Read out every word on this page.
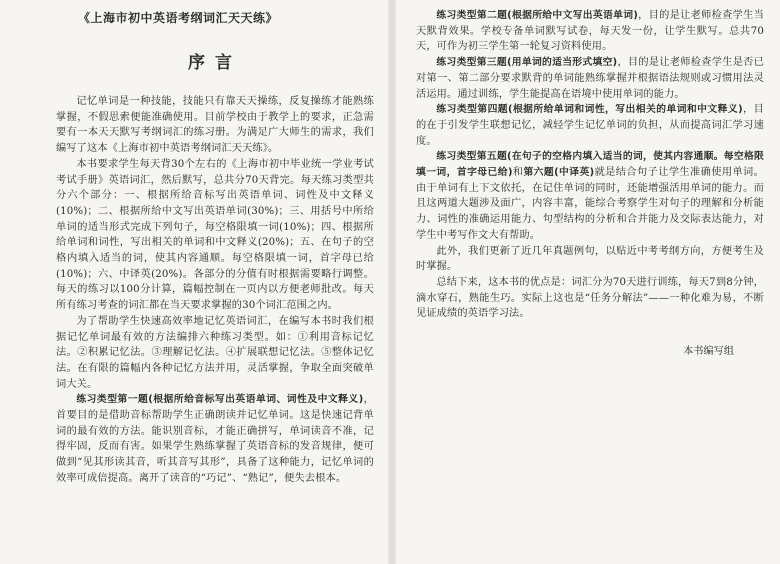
《上海市初中英语考纲词汇天天练》
序言

记忆单词是一种技能，技能只有靠天天操练，反复操练才能熟练掌握，不假思索便能准确使用。目前学校由于教学上的要求，正急需要有一本天天默写考纲词汇的练习册。为满足广大师生的需求，我们编写了这本《上海市初中英语考纲词汇天天练》。

本书要求学生每天背30个左右的《上海市初中毕业统一学业考试考试手册》英语词汇，然后默写，总共分70天背完。每天练习类型共分六个部分：一、根据所给音标写出英语单词、词性及中文释义(10%)；二、根据所给中文写出英语单词(30%)；三、用括号中所给单词的适当形式完成下列句子，每空格限填一词(10%)；四、根据所给单词和词性，写出相关的单词和中文释义(20%)；五、在句子的空格内填入适当的词，使其内容通顺。每空格限填一词，首字母已给(10%)；六、中译英(20%)。各部分的分值有时根据需要略行调整。每天的练习以100分计算，篇幅控制在一页内以方便老师批改。每天所有练习考查的词汇都在当天要求掌握的30个词汇范围之内。

为了帮助学生快速高效率地记忆英语词汇，在编写本书时我们根据记忆单词最有效的方法编排六种练习类型。如：①利用音标记忆法。②积累记忆法。③理解记忆法。④扩展联想记忆法。⑤整体记忆法。在有限的篇幅内各种记忆方法并用，灵活掌握，争取全面突破单词大关。

练习类型第一题(根据所给音标写出英语单词、词性及中文释义)，首要目的是借助音标帮助学生正确朗读并记忆单词。这是快速记背单词的最有效的方法。能识别音标，才能正确拼写，单词读音不准，记得牢固，反而有害。如果学生熟练掌握了英语音标的发音规律，便可做到“见其形读其音，听其音写其形”，具备了这种能力，记忆单词的效率可成倍提高。离开了读音的“巧记”、“熟记”，便失去根本。

练习类型第二题(根据所给中文写出英语单词)，目的是让老师检查学生当天默背效果。学校专备单词默写试卷，每天发一份，让学生默写。总共70天，可作为初三学生第一轮复习资料使用。

练习类型第三题(用单词的适当形式填空)，目的是让老师检查学生是否已对第一、第二部分要求默背的单词能熟练掌握并根据语法规则或习惯用法灵活运用。通过训练，学生能提高在语境中使用单词的能力。

练习类型第四题(根据所给单词和词性，写出相关的单词和中文释义)，目的在于引发学生联想记忆，减轻学生记忆单词的负担，从而提高词汇学习速度。

练习类型第五题(在句子的空格内填入适当的词，使其内容通顺。每空格限填一词，首字母已给)和第六题(中译英)就是结合句子让学生准确使用单词。由于单词有上下文依托，在记住单词的同时，还能增强活用单词的能力。而且这两道大题涉及面广，内容丰富，能综合考察学生对句子的理解和分析能力、词性的准确运用能力、句型结构的分析和合并能力及交际表达能力，对学生中考写作文大有帮助。

此外，我们更新了近几年真题例句，以贴近中考考纲方向，方便考生及时掌握。

总结下来，这本书的优点是：词汇分为70天进行训练，每天7到8分钟，滴水穿石，熟能生巧。实际上这也是“任务分解法”——一种化难为易，不断见证成绩的英语学习法。

本书编写组
